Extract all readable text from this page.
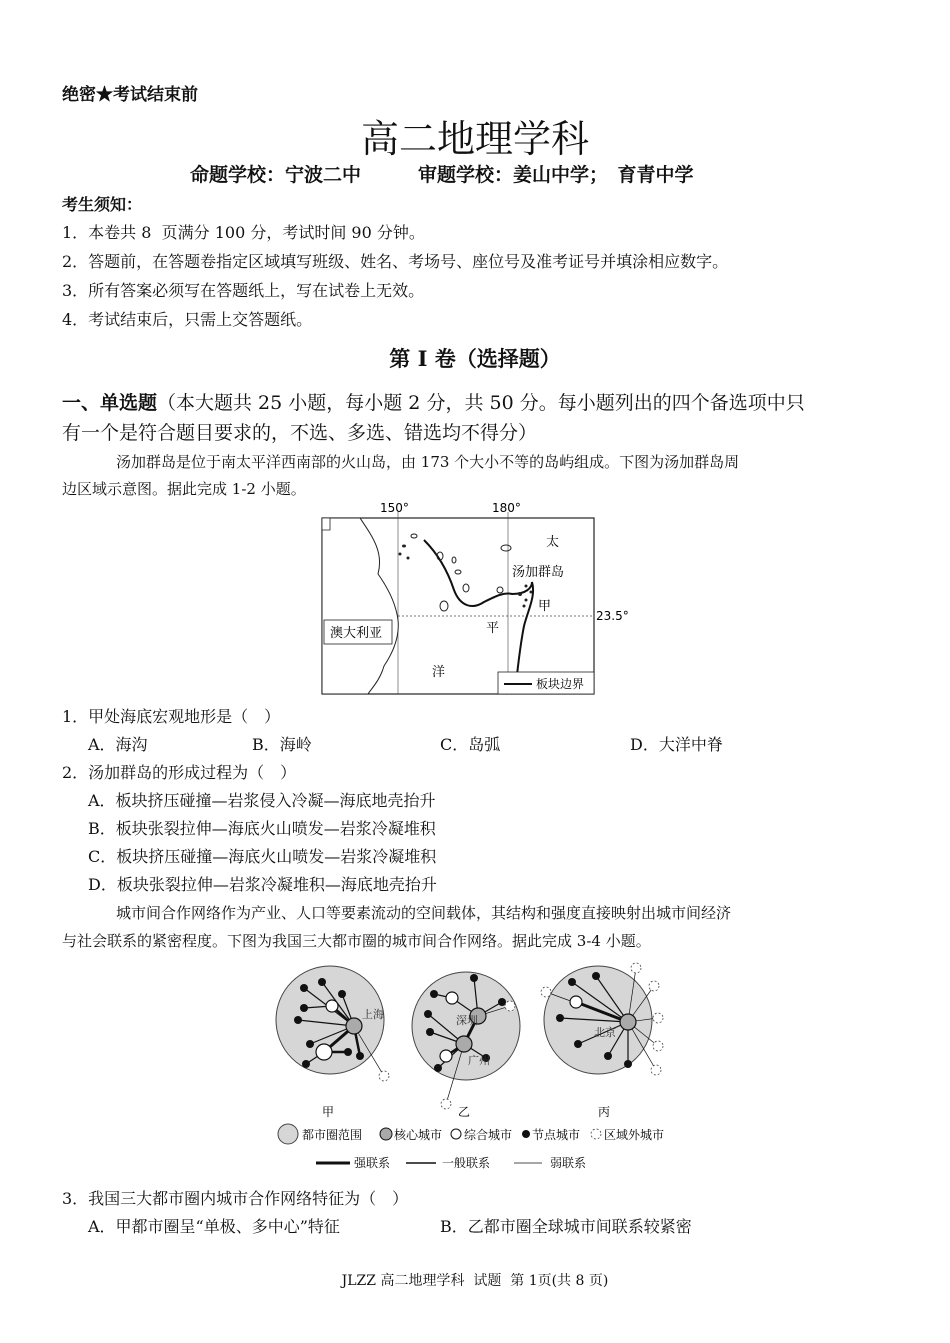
绝密★考试结束前
高二地理学科
命题学校：宁波二中　　　审题学校：姜山中学；　育青中学
考生须知：
1．本卷共 8  页满分 100 分，考试时间 90 分钟。
2．答题前，在答题卷指定区域填写班级、姓名、考场号、座位号及准考证号并填涂相应数字。
3．所有答案必须写在答题纸上，写在试卷上无效。
4．考试结束后，只需上交答题纸。
第 I 卷（选择题）
一、单选题（本大题共 25 小题，每小题 2 分，共 50 分。每小题列出的四个备选项中只
有一个是符合题目要求的，不选、多选、错选均不得分）
汤加群岛是位于南太平洋西南部的火山岛，由 173 个大小不等的岛屿组成。下图为汤加群岛周
边区域示意图。据此完成 1-2 小题。
150°	180°
23.5°
太
汤加群岛
甲
平
洋
澳大利亚
板块边界
1．甲处海底宏观地形是（　）
A．海沟	B．海岭	C．岛弧	D．大洋中脊
2．汤加群岛的形成过程为（　）
A．板块挤压碰撞—岩浆侵入冷凝—海底地壳抬升
B．板块张裂拉伸—海底火山喷发—岩浆冷凝堆积
C．板块挤压碰撞—海底火山喷发—岩浆冷凝堆积
D．板块张裂拉伸—岩浆冷凝堆积—海底地壳抬升
城市间合作网络作为产业、人口等要素流动的空间载体，其结构和强度直接映射出城市间经济
与社会联系的紧密程度。下图为我国三大都市圈的城市间合作网络。据此完成 3-4 小题。
上海	深圳
广州
北京
甲	乙	丙
都市圈范围	核心城市 综合城市 节点城市 区域外城市
强联系	一般联系	弱联系
3．我国三大都市圈内城市合作网络特征为（　）
A．甲都市圈呈“单极、多中心”特征	B．乙都市圈全球城市间联系较紧密
JLZZ 高二地理学科  试题  第 1页(共 8 页)
